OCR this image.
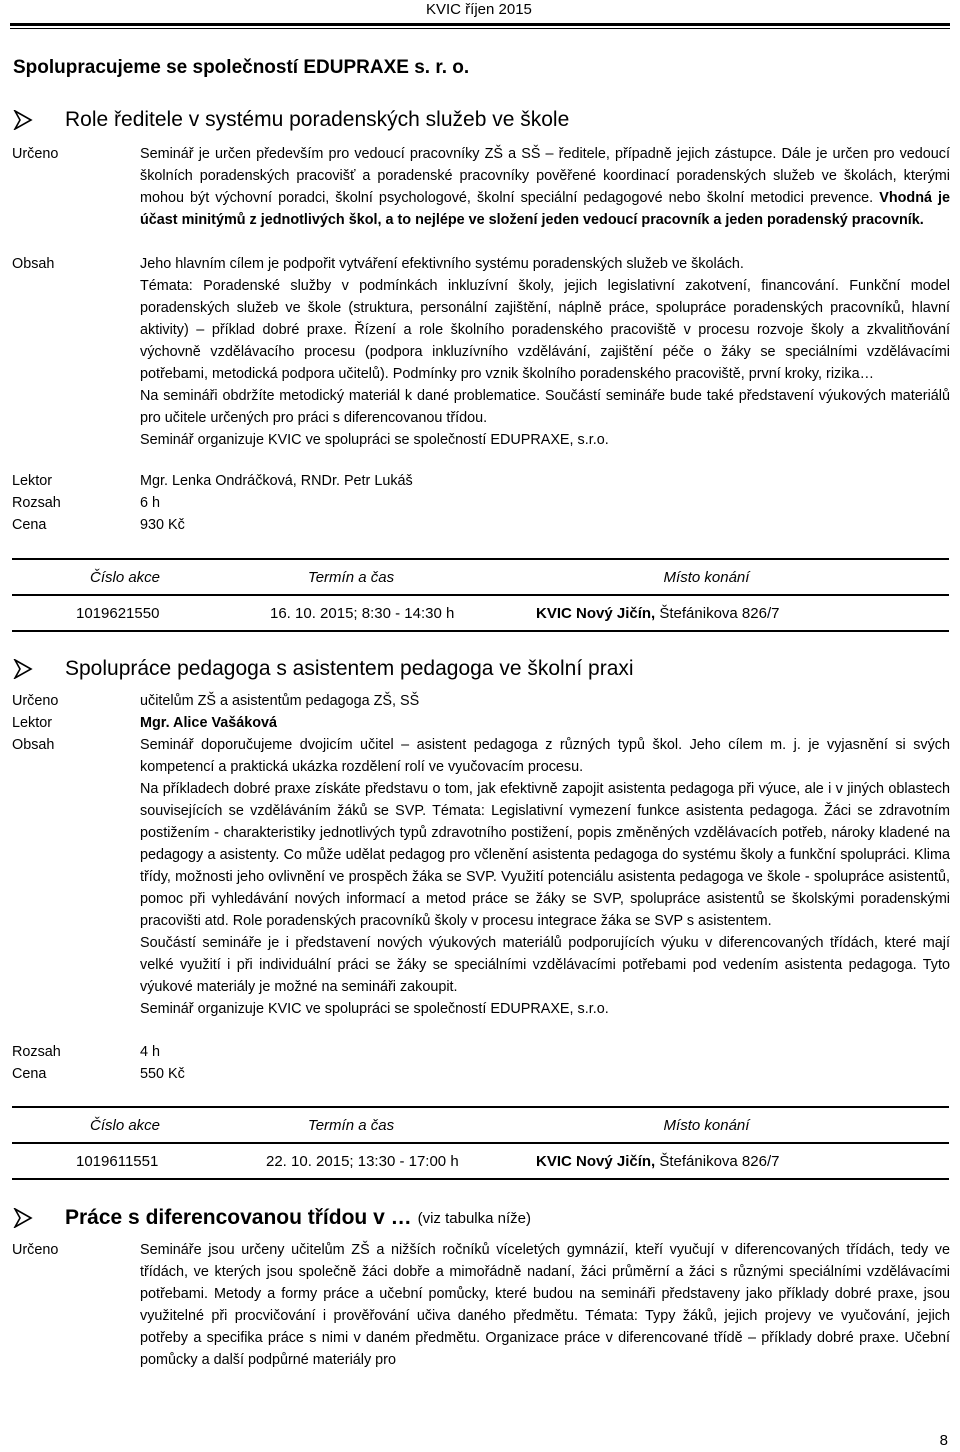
KVIC říjen 2015
Spolupracujeme se společností EDUPRAXE s. r. o.
Role ředitele v systému poradenských služeb ve škole
Určeno	Seminář je určen především pro vedoucí pracovníky ZŠ a SŠ – ředitele, případně jejich zástupce. Dále je určen pro vedoucí školních poradenských pracovišť a poradenské pracovníky pověřené koordinací poradenských služeb ve školách, kterými mohou být výchovní poradci, školní psychologové, školní speciální pedagogové nebo školní metodici prevence. Vhodná je účast minitýmů z jednotlivých škol, a to nejlépe ve složení jeden vedoucí pracovník a jeden poradenský pracovník.
Obsah	Jeho hlavním cílem je podpořit vytváření efektivního systému poradenských služeb ve školách.

Témata: Poradenské služby v podmínkách inkluzívní školy, jejich legislativní zakotvení, financování. Funkční model poradenských služeb ve škole (struktura, personální zajištění, náplně práce, spolupráce poradenských pracovníků, hlavní aktivity) – příklad dobré praxe. Řízení a role školního poradenského pracoviště v procesu rozvoje školy a zkvalitňování výchovně vzdělávacího procesu (podpora inkluzívního vzdělávání, zajištění péče o žáky se speciálními vzdělávacími potřebami, metodická podpora učitelů). Podmínky pro vznik školního poradenského pracoviště, první kroky, rizika…

Na semináři obdržíte metodický materiál k dané problematice. Součástí semináře bude také představení výukových materiálů pro učitele určených pro práci s diferencovanou třídou.

Seminář organizuje KVIC ve spolupráci se společností EDUPRAXE, s.r.o.

Lektor	Mgr. Lenka Ondráčková, RNDr. Petr Lukáš
Rozsah	6 h
Cena	930 Kč
Číslo akce	Termín a čas	Místo konání
1019621550	16. 10. 2015; 8:30 - 14:30 h	KVIC Nový Jičín, Štefánikova 826/7
Spolupráce pedagoga s asistentem pedagoga ve školní praxi
Určeno	učitelům ZŠ a asistentům pedagoga ZŠ, SŠ
Lektor	Mgr. Alice Vašáková
Obsah	Seminář doporučujeme dvojicím učitel – asistent pedagoga z různých typů škol. Jeho cílem m. j. je vyjasnění si svých kompetencí a praktická ukázka rozdělení rolí ve vyučovacím procesu.

Na příkladech dobré praxe získáte představu o tom, jak efektivně zapojit asistenta pedagoga při výuce, ale i v jiných oblastech souvisejících se vzděláváním žáků se SVP. Témata: Legislativní vymezení funkce asistenta pedagoga. Žáci se zdravotním postižením - charakteristiky jednotlivých typů zdravotního postižení, popis změněných vzdělávacích potřeb, nároky kladené na pedagogy a asistenty. Co může udělat pedagog pro včlenění asistenta pedagoga do systému školy a funkční spolupráci. Klima třídy, možnosti jeho ovlivnění ve prospěch žáka se SVP. Využití potenciálu asistenta pedagoga ve škole - spolupráce asistentů, pomoc při vyhledávání nových informací a metod práce se žáky se SVP, spolupráce asistentů se školskými poradenskými pracovišti atd. Role poradenských pracovníků školy v procesu integrace žáka se SVP s asistentem.

Součástí semináře je i představení nových výukových materiálů podporujících výuku v diferencovaných třídách, které mají velké využití i při individuální práci se žáky se speciálními vzdělávacími potřebami pod vedením asistenta pedagoga. Tyto výukové materiály je možné na semináři zakoupit.

Seminář organizuje KVIC ve spolupráci se společností EDUPRAXE, s.r.o.

Rozsah	4 h
Cena	550 Kč
Číslo akce	Termín a čas	Místo konání
1019611551	22. 10. 2015; 13:30 - 17:00 h	KVIC Nový Jičín, Štefánikova 826/7
Práce s diferencovanou třídou v … (viz tabulka níže)
Určeno	Semináře jsou určeny učitelům ZŠ a nižších ročníků víceletých gymnázií, kteří vyučují v diferencovaných třídách, tedy ve třídách, ve kterých jsou společně žáci dobře a mimořádně nadaní, žáci průměrní a žáci s různými speciálními vzdělávacími potřebami. Metody a formy práce a učební pomůcky, které budou na semináři představeny jako příklady dobré praxe, jsou využitelné při procvičování i prověřování učiva daného předmětu. Témata: Typy žáků, jejich projevy ve vyučování, jejich potřeby a specifika práce s nimi v daném předmětu. Organizace práce v diferencované třídě – příklady dobré praxe. Učební pomůcky a další podpůrné materiály pro
8
